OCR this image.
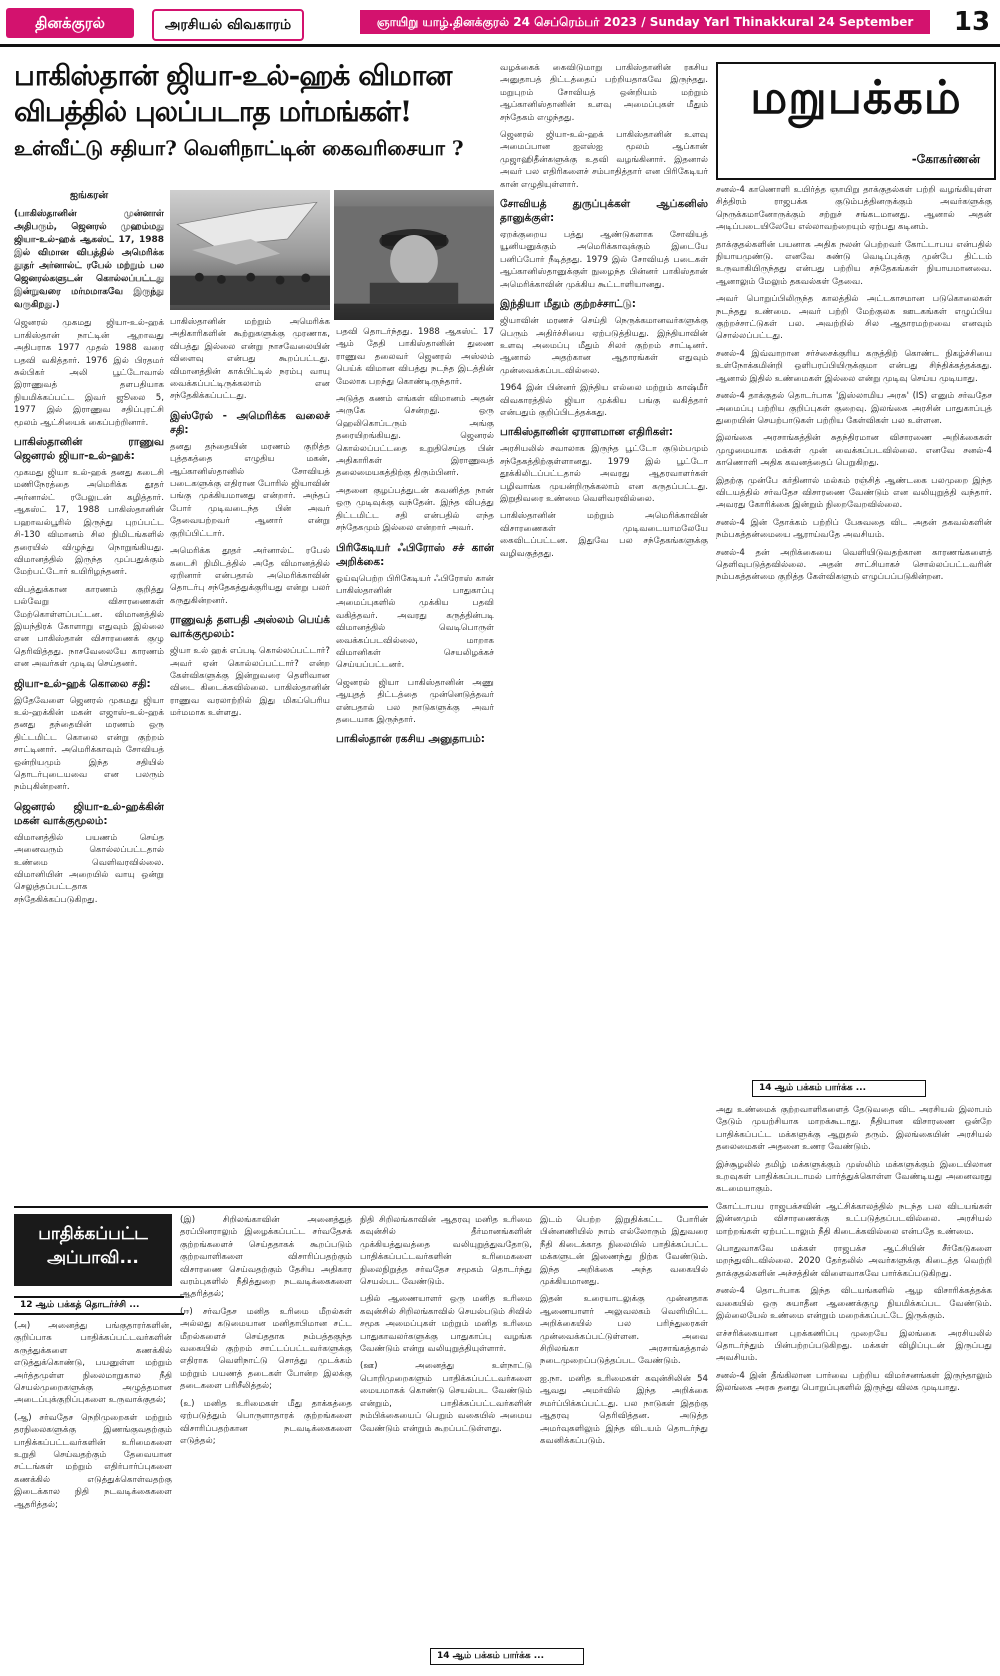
தினக்குரல்	அரசியல் விவகாரம்	ஞாயிறு யாழ்.தினக்குரல் 24 செப்ரெம்பர் 2023 / Sunday Yarl Thinakkural 24 September	13
பாகிஸ்தான் ஜியா-உல்-ஹக் விமான
விபத்தில் புலப்படாத மர்மங்கள்!
உள்வீட்டு சதியா? வெளிநாட்டின் கைவரிசையா ?
ஐங்கரன்

(பாகிஸ்தானின் முன்னாள் அதிபரும், ஜெனரல் முஹம்மது ஜியா-உல்-ஹக் ஆகஸ்ட் 17, 1988 இல் விமான விபத்தில் அமெரிக்க தூதர் அர்னால்ட் ரபேல் மற்றும் பல ஜெனரல்களுடன் கொல்லப்பட்டது இன்றுவரை மர்மமாகவே இருந்து வருகிறது.)

ஜெனரல் முகமது ஜியா-உல்-ஹக் பாகிஸ்தான் நாட்டின் ஆறாவது அதிபராக 1977 முதல் 1988 வரை பதவி வகித்தார். 1976 இல் பிரதமர் சுல்பிகர் அலி பூட்டோவால் இராணுவத் தளபதியாக நியமிக்கப்பட்ட இவர் ஜூலை 5, 1977 இல் இராணுவ சதிப்புரட்சி மூலம் ஆட்சியைக் கைப்பற்றினார்.

பாகிஸ்தானின் ராணுவ ஜெனரல் ஜியா-உல்-ஹக்:

முகமது ஜியா உல்-ஹக் தனது கடைசி மணிநேரத்தை அமெரிக்க தூதர் அர்னால்ட் ரபேலுடன் கழித்தார். ஆகஸ்ட் 17, 1988 பாகிஸ்தானின் பஹாவல்பூரில் இருந்து புறப்பட்ட சி-130 விமானம் சில நிமிடங்களில் தரையில் விழுந்து நொறுங்கியது. விமானத்தில் இருந்த முப்பதுக்கும் மேற்பட்டோர் உயிரிழந்தனர்.

விபத்துக்கான காரணம் குறித்து பல்வேறு விசாரணைகள் மேற்கொள்ளப்பட்டன. விமானத்தில் இயந்திரக் கோளாறு எதுவும் இல்லை என பாகிஸ்தான் விசாரணைக் குழு தெரிவித்தது. நாசவேலையே காரணம் என அவர்கள் முடிவு செய்தனர்.

ஜியா-உல்-ஹக் கொலை சதி:

இதேவேளை ஜெனரல் முகமது ஜியா உல்-ஹக்கின் மகன் எஜாஸ்-உல்-ஹக் தனது தந்தையின் மரணம் ஒரு திட்டமிட்ட கொலை என்று குற்றம் சாட்டினார். அமெரிக்காவும் சோவியத் ஒன்றியமும் இந்த சதியில் தொடர்புடையவை என பலரும் நம்புகின்றனர்.

ஜெனரல் ஜியா-உல்-ஹக்கின் மகன் வாக்குமூலம்:

விமானத்தில் பயணம் செய்த அனைவரும் கொல்லப்பட்டதால் உண்மை வெளிவரவில்லை. விமானியின் அறையில் வாயு ஒன்று செலுத்தப்பட்டதாக சந்தேகிக்கப்படுகிறது.

பாகிஸ்தானின் மற்றும் அமெரிக்க அதிகாரிகளின் கூற்றுகளுக்கு முரணாக, விபத்து இல்லை என்று நாசவேலையின் விளைவு என்பது கூறப்பட்டது. விமானத்தின் காக்பிட்டில் நரம்பு வாயு வைக்கப்பட்டிருக்கலாம் என சந்தேகிக்கப்பட்டது.

இஸ்ரேல் - அமெரிக்க வலைச் சதி:

தனது தந்தையின் மரணம் குறித்த புத்தகத்தை எழுதிய மகன், ஆப்கானிஸ்தானில் சோவியத் படைகளுக்கு எதிரான போரில் ஜியாவின் பங்கு முக்கியமானது என்றார். அந்தப் போர் முடிவடைந்த பின் அவர் தேவையற்றவர் ஆனார் என்று குறிப்பிட்டார்.

அமெரிக்க தூதர் அர்னால்ட் ரபேல் கடைசி நிமிடத்தில் அதே விமானத்தில் ஏறினார் என்பதால் அமெரிக்காவின் தொடர்பு சந்தேகத்துக்குரியது என்று பலர் கருதுகின்றனர்.

ராணுவத் தளபதி அஸ்லம் பெய்க் வாக்குமூலம்:

ஜியா உல் ஹக் எப்படி கொல்லப்பட்டார்? அவர் ஏன் கொல்லப்பட்டார்? என்ற கேள்விகளுக்கு இன்றுவரை தெளிவான விடை கிடைக்கவில்லை. பாகிஸ்தானின் ராணுவ வரலாற்றில் இது மிகப்பெரிய மர்மமாக உள்ளது.

பதவி தொடர்ந்தது. 1988 ஆகஸ்ட் 17 ஆம் தேதி பாகிஸ்தானின் துணை ராணுவ தலைவர் ஜெனரல் அஸ்லம் பெய்க் விமான விபத்து நடந்த இடத்தின் மேலாக பறந்து கொண்டிருந்தார்.

அடுத்த கணம் எங்கள் விமானம் அதன் அருகே சென்றது. ஒரு ஹெலிகொப்டரும் அங்கு தரையிறங்கியது. ஜெனரல் கொல்லப்பட்டதை உறுதிசெய்த பின் அதிகாரிகள் இராணுவத் தலைமையகத்திற்கு திரும்பினர்.

அதனை குழப்பத்துடன் கவனித்த நான் ஒரு முடிவுக்கு வந்தேன். இந்த விபத்து திட்டமிட்ட சதி என்பதில் எந்த சந்தேகமும் இல்லை என்றார் அவர்.

பிரிகேடியர் ஃபிரோஸ் சச் கான் அறிக்கை:

ஓய்வுபெற்ற பிரிகேடியர் ஃபிரோஸ் கான் பாகிஸ்தானின் பாதுகாப்பு அமைப்புகளில் முக்கிய பதவி வகித்தவர். அவரது கருத்தின்படி விமானத்தில் வெடிபொருள் வைக்கப்படவில்லை, மாறாக விமானிகள் செயலிழக்கச் செய்யப்பட்டனர்.

ஜெனரல் ஜியா பாகிஸ்தானின் அணு ஆயுதத் திட்டத்தை முன்னெடுத்தவர் என்பதால் பல நாடுகளுக்கு அவர் தடையாக இருந்தார்.

பாகிஸ்தான் ரகசிய அனுதாபம்:
மறுபக்கம்
-கோகர்ணன்

சனல்-4 காணொளி உயிர்த்த ஞாயிறு தாக்குதல்கள் பற்றி வழங்கியுள்ள சித்திரம் ராஜபக்க குடும்பத்தினருக்கும் அவர்களுக்கு நெருக்கமானோருக்கும் சற்றுச் சங்கடமானது. ஆனால் அதன் அடிப்படையிலேயே எல்லாவற்றையும் ஏற்பது கடினம்.

தாக்குதல்களின் பயனாக அதிக நலன் பெற்றவர் கோட்டாபய என்பதில் நியாயமுண்டு. எனவே சுண்டு வெடிப்புக்கு முன்பே திட்டம் உருவாகியிருந்தது என்பது பற்றிய சந்தேகங்கள் நியாயமானவை. ஆனாலும் மேலும் தகவல்கள் தேவை.

அவர் பொறுப்பிலிருந்த காலத்தில் அட்டகாசமான படுகொலைகள் நடந்தது உண்மை. அவர் பற்றி மேற்குலக ஊடகங்கள் எழுப்பிய குற்றச்சாட்டுகள் பல. அவற்றில் சில ஆதாரமற்றவை எனவும் சொல்லப்பட்டது.

சனல்-4 இவ்வாறான சர்ச்சைக்குரிய கருத்திற் கொண்ட நிகழ்ச்சியை உள்நோக்கமின்றி ஒளிபரப்பியிருக்குமா என்பது சிந்திக்கத்தக்கது. ஆனால் இதில் உண்மைகள் இல்லை என்று முடிவு செய்ய முடியாது.

சனல்-4 தாக்குதல் தொடர்பாக 'இஸ்லாமிய அரசு' (IS) எனும் சர்வதேச அமைப்பு பற்றிய குறிப்புகள் குறைவு. இலங்கை அரசின் பாதுகாப்புத் துறையின் செயற்பாடுகள் பற்றிய கேள்விகள் பல உள்ளன.

இலங்கை அரசாங்கத்தின் சுதந்திரமான விசாரணை அறிக்கைகள் முழுமையாக மக்கள் முன் வைக்கப்படவில்லை. எனவே சனல்-4 காணொளி அதிக கவனத்தைப் பெறுகிறது.

இதற்கு முன்பே கர்தினால் மல்கம் ரஞ்சித் ஆண்டகை பலமுறை இந்த விடயத்தில் சர்வதேச விசாரணை வேண்டும் என வலியுறுத்தி வந்தார். அவரது கோரிக்கை இன்றும் நிறைவேறவில்லை.

சனல்-4 இன் தோக்கம் பற்றிப் பேசுவதை விட அதன் தகவல்களின் நம்பகத்தன்மையை ஆராய்வதே அவசியம்.

சனல்-4 தன் அறிக்கையை வெளியிடுவதற்கான காரணங்களைத் தெளிவுபடுத்தவில்லை. அதன் சாட்சியாகச் சொல்லப்பட்டவரின் நம்பகத்தன்மை குறித்த கேள்விகளும் எழுப்பப்படுகின்றன.

14 ஆம் பக்கம் பார்க்க ...

அது உண்மைக் குற்றவாளிகளைத் தேடுவதை விட அரசியல் இலாபம் தேடும் முயற்சியாக மாறக்கூடாது. நீதியான விசாரணை ஒன்றே பாதிக்கப்பட்ட மக்களுக்கு ஆறுதல் தரும். இலங்கையின் அரசியல் தலைமைகள் அதனை உணர வேண்டும்.

இச்சூழலில் தமிழ் மக்களுக்கும் முஸ்லிம் மக்களுக்கும் இடையிலான உறவுகள் பாதிக்கப்படாமல் பார்த்துக்கொள்ள வேண்டியது அனைவரது கடமையாகும்.

கோட்டாபய ராஜபக்சவின் ஆட்சிக்காலத்தில் நடந்த பல விடயங்கள் இன்னமும் விசாரணைக்கு உட்படுத்தப்படவில்லை. அரசியல் மாற்றங்கள் ஏற்பட்டாலும் நீதி கிடைக்கவில்லை என்பதே உண்மை.

பொதுவாகவே மக்கள் ராஜபக்ச ஆட்சியின் சீர்கேடுகளை மறந்துவிடவில்லை. 2020 தேர்தலில் அவர்களுக்கு கிடைத்த வெற்றி தாக்குதல்களின் அச்சத்தின் விளைவாகவே பார்க்கப்படுகிறது.

சனல்-4 தொடர்பாக இந்த விடயங்களில் ஆழ விசாரிக்கத்தக்க வகையில் ஒரு சுயாதீன ஆணைக்குழு நியமிக்கப்பட வேண்டும். இல்லையேல் உண்மை என்றும் மறைக்கப்பட்டே இருக்கும்.

எச்சரிக்கையான புறக்கணிப்பு முறையே இலங்கை அரசியலில் தொடர்ந்தும் பின்பற்றப்படுகிறது. மக்கள் விழிப்புடன் இருப்பது அவசியம்.

சனல்-4 இன் தீங்கிலான பார்வை பற்றிய விமர்சனங்கள் இருந்தாலும் இலங்கை அரசு தனது பொறுப்புகளில் இருந்து விலக முடியாது.

பாதிக்கப்பட்ட
அப்பாவி...
12 ஆம் பக்கத் தொடர்ச்சி ...

(அ) அனைத்து பங்குதாரர்களின், குறிப்பாக பாதிக்கப்பட்டவர்களின் கருத்துக்களை கணக்கில் எடுத்துக்கொண்டு, பயனுள்ள மற்றும் அர்த்தமுள்ள நிலைமாறுகால நீதி செயல்முறைகளுக்கு அழுத்தமான அடைப்புக்குறிப்புகளை உருவாக்குதல்;

(ஆ) சர்வதேச நெறிமுறைகள் மற்றும் தரநிலைகளுக்கு இணங்குவதற்கும் பாதிக்கப்பட்டவர்களின் உரிமைகளை உறுதி செய்வதற்கும் தேவையான சட்டங்கள் மற்றும் எதிர்பார்ப்புகளை கணக்கில் எடுத்துக்கொள்வதற்கு இடைக்கால நிதி நடவடிக்கைகளை ஆதரித்தல்;

(இ) சிறிலங்காவின் அனைத்துத் தரப்பினராலும் இழைக்கப்பட்ட சர்வதேசக் குற்றங்களைச் செய்ததாகக் கூறப்படும் குற்றவாளிகளை விசாரிப்பதற்கும் விசாரணை செய்வதற்கும் தேசிய அதிகார வரம்புகளில் நீதித்துறை நடவடிக்கைகளை ஆதரித்தல்;

(ஈ) சர்வதேச மனித உரிமை மீறல்கள் அல்லது கடுமையான மனிதாபிமான சட்ட மீறல்களைச் செய்ததாக நம்பத்தகுந்த வகையில் குற்றம் சாட்டப்பட்டவர்களுக்கு எதிராக வெளிநாட்டு சொத்து முடக்கம் மற்றும் பயணத் தடைகள் போன்ற இலக்கு தடைகளை பரிசீலித்தல்;

(உ) மனித உரிமைகள் மீது தாக்கத்தை ஏற்படுத்தும் பொருளாதாரக் குற்றங்களை விசாரிப்பதற்கான நடவடிக்கைகளை எடுத்தல்;

நிதி சிறிலங்காவின் ஆதரவு மனித உரிமை கவுன்சில் தீர்மானங்களின் முக்கியத்துவத்தை வலியுறுத்துவதோடு, பாதிக்கப்பட்டவர்களின் உரிமைகளை நிலைநிறுத்த சர்வதேச சமூகம் தொடர்ந்து செயல்பட வேண்டும்.

பதில் ஆணையாளர் ஒரு மனித உரிமை கவுன்சில் சிறிலங்காவில் செயல்படும் சிவில் சமூக அமைப்புகள் மற்றும் மனித உரிமை பாதுகாவலர்களுக்கு பாதுகாப்பு வழங்க வேண்டும் என்று வலியுறுத்தியுள்ளார்.

(ஊ) அனைத்து உள்நாட்டு பொறிமுறைகளும் பாதிக்கப்பட்டவர்களை மையமாகக் கொண்டு செயல்பட வேண்டும் என்றும், பாதிக்கப்பட்டவர்களின் நம்பிக்கையைப் பெறும் வகையில் அமைய வேண்டும் என்றும் கூறப்பட்டுள்ளது.

14 ஆம் பக்கம் பார்க்க ...

இடம் பெற்ற இறுதிக்கட்ட போரின் பின்னணியில் நாம் எல்லோரும் இதுவரை நீதி கிடைக்காத நிலையில் பாதிக்கப்பட்ட மக்களுடன் இணைந்து நிற்க வேண்டும். இந்த அறிக்கை அந்த வகையில் முக்கியமானது.

இதன் உரையாடலுக்கு முன்னதாக ஆணையாளர் அலுவலகம் வெளியிட்ட அறிக்கையில் பல பரிந்துரைகள் முன்வைக்கப்பட்டுள்ளன. அவை சிறிலங்கா அரசாங்கத்தால் நடைமுறைப்படுத்தப்பட வேண்டும்.

ஐ.நா. மனித உரிமைகள் கவுன்சிலின் 54 ஆவது அமர்வில் இந்த அறிக்கை சமர்ப்பிக்கப்பட்டது. பல நாடுகள் இதற்கு ஆதரவு தெரிவித்தன. அடுத்த அமர்வுகளிலும் இந்த விடயம் தொடர்ந்து கவனிக்கப்படும்.

வழக்கைக் கைவிடுமாறு பாகிஸ்தானின் ரகசிய அனுதாபத் திட்டத்தைப் பற்றியதாகவே இருந்தது. மறுபுறம் சோவியத் ஒன்றியம் மற்றும் ஆப்கானிஸ்தானின் உளவு அமைப்புகள் மீதும் சந்தேகம் எழுந்தது.

ஜெனரல் ஜியா-உல்-ஹக் பாகிஸ்தானின் உளவு அமைப்பான ஐஎஸ்ஐ மூலம் ஆப்கான் முஜாஹிதீன்களுக்கு உதவி வழங்கினார். இதனால் அவர் பல எதிரிகளைச் சம்பாதித்தார் என பிரிகேடியர் கான் எழுதியுள்ளார்.

சோவியத் துருப்புக்கள் ஆப்கனிஸ் தானுக்குள்:

ஏறக்குறைய பத்து ஆண்டுகளாக சோவியத் யூனியனுக்கும் அமெரிக்காவுக்கும் இடையே பனிப்போர் நீடித்தது. 1979 இல் சோவியத் படைகள் ஆப்கானிஸ்தானுக்குள் நுழைந்த பின்னர் பாகிஸ்தான் அமெரிக்காவின் முக்கிய கூட்டாளியானது.

இந்தியா மீதும் குற்றச்சாட்டு:

ஜியாவின் மரணச் செய்தி நெருக்கமானவர்களுக்கு பெரும் அதிர்ச்சியை ஏற்படுத்தியது. இந்தியாவின் உளவு அமைப்பு மீதும் சிலர் குற்றம் சாட்டினர். ஆனால் அதற்கான ஆதாரங்கள் எதுவும் முன்வைக்கப்படவில்லை.

1964 இன் பின்னர் இந்திய எல்லை மற்றும் காஷ்மீர் விவகாரத்தில் ஜியா முக்கிய பங்கு வகித்தார் என்பதும் குறிப்பிடத்தக்கது.

பாகிஸ்தானின் ஏராளமான எதிரிகள்:

அரசியலில் சவாலாக இருந்த பூட்டோ குடும்பமும் சந்தேகத்திற்குள்ளானது. 1979 இல் பூட்டோ தூக்கிலிடப்பட்டதால் அவரது ஆதரவாளர்கள் பழிவாங்க முயன்றிருக்கலாம் என கருதப்பட்டது. இறுதிவரை உண்மை வெளிவரவில்லை.

பாகிஸ்தானின் மற்றும் அமெரிக்காவின் விசாரணைகள் முடிவடையாமலேயே கைவிடப்பட்டன. இதுவே பல சந்தேகங்களுக்கு வழிவகுத்தது.
